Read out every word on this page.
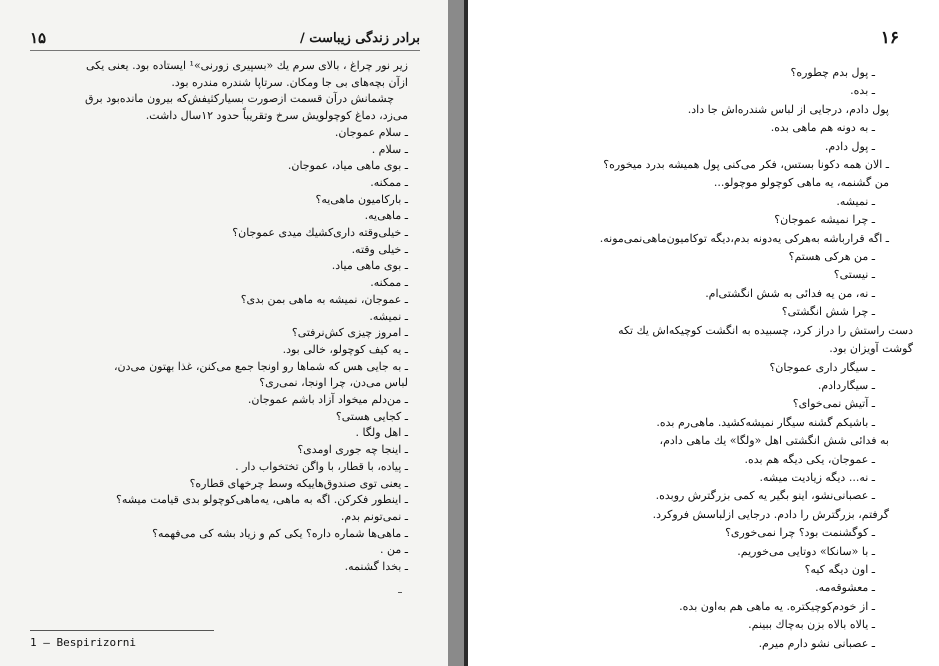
برادر زندگی زیباست /
۱۵
زیر نور چراغ ، بالای سرم یك «بسپیری زورنی»¹ ایستاده بود. یعنی یکی
ازآن بچه‌های بی جا ومکان. سرتاپا شندره مندره بود.
چشمانش درآن قسمت ازصورت بسیارکثیفش‌که بیرون مانده‌بود برق
می‌زد، دماغ کوچولویش سرخ وتقریباً حدود ۱۲سال داشت.
ـ سلام عموجان.
ـ سلام .
ـ بوی ماهی میاد، عموجان.
ـ ممکنه.
ـ بارکامیون ماهی‌یه؟
ـ ماهی‌یه.
ـ خیلی‌وقته داری‌کشیك میدی عموجان؟
ـ خیلی وقته.
ـ بوی ماهی میاد.
ـ ممکنه.
ـ عموجان، نمیشه به ماهی بمن بدی؟
ـ نمیشه.
ـ امروز چیزی کش‌نرفتی؟
ـ یه کیف کوچولو، خالی بود.
ـ به جایی هس که شماها رو اونجا جمع می‌کنن، غذا بهتون می‌دن،
لباس می‌دن، چرا اونجا، نمی‌ری؟
ـ من‌دلم میخواد آزاد باشم عموجان.
ـ کجایی هستی؟
ـ اهل ولگا .
ـ اینجا چه جوری اومدی؟
ـ پیاده، با قطار، با واگن تختخواب دار .
ـ یعنی توی صندوق‌هاییکه وسط چرخهای قطاره؟
ـ اینطور فکرکن. اگه به ماهی، یه‌ماهی‌کوچولو بدی قیامت میشه؟
ـ نمی‌تونم بدم.
ـ ماهی‌ها شماره داره؟ یکی کم و زیاد بشه کی می‌فهمه؟
ـ من .
ـ بخدا گشنمه.
1 – Bespirizorni
۱۶
ـ پول بدم چطوره؟
ـ بده.
پول دادم، درجایی از لباس شندره‌اش جا داد.
ـ به دونه هم ماهی بده.
ـ پول دادم.
ـ الان همه دکونا بستس، فکر می‌کنی پول همیشه بدرد میخوره؟
من گشنمه، یه ماهی کوچولو موچولو...
ـ نمیشه.
ـ چرا نمیشه عموجان؟
ـ اگه قراربا‌شه به‌هرکی یه‌دونه بدم،دیگه توکامیون‌ماهی‌نمی‌مونه.
ـ من هرکی هستم؟
ـ نیستی؟
ـ نه، من یه فدائی به شش انگشتی‌ام.
ـ چرا شش انگشتی؟
دست راستش را دراز کرد، چسبیده به انگشت کوچیکه‌اش یك تکه
گوشت آویزان بود.
ـ سیگار داری عموجان؟
ـ سیگاردادم.
ـ آتیش نمی‌خوای؟
ـ باشیکم گشنه سیگار نمیشه‌کشید. ماهی‌رم بده.
به فدائی شش انگشتی اهل «ولگا» یك ماهی دادم،
ـ عموجان، یکی دیگه هم بده.
ـ نه... دیگه زیادیت میشه.
ـ عصبانی‌نشو، اینو بگیر یه کمی بزرگترش روبده.
گرفتم، بزرگترش را دادم. درجایی ازلباسش فروکرد.
ـ کوگشنمت بود؟ چرا نمی‌خوری؟
ـ با «سانکا» دوتایی می‌خوریم.
ـ اون دیگه کیه؟
ـ معشوقه‌مه.
ـ از خودم‌کوچیکتره. یه ماهی هم به‌اون بده.
ـ یالاه بالاه بزن به‌چاك ببینم.
ـ عصبانی نشو دارم میرم.
